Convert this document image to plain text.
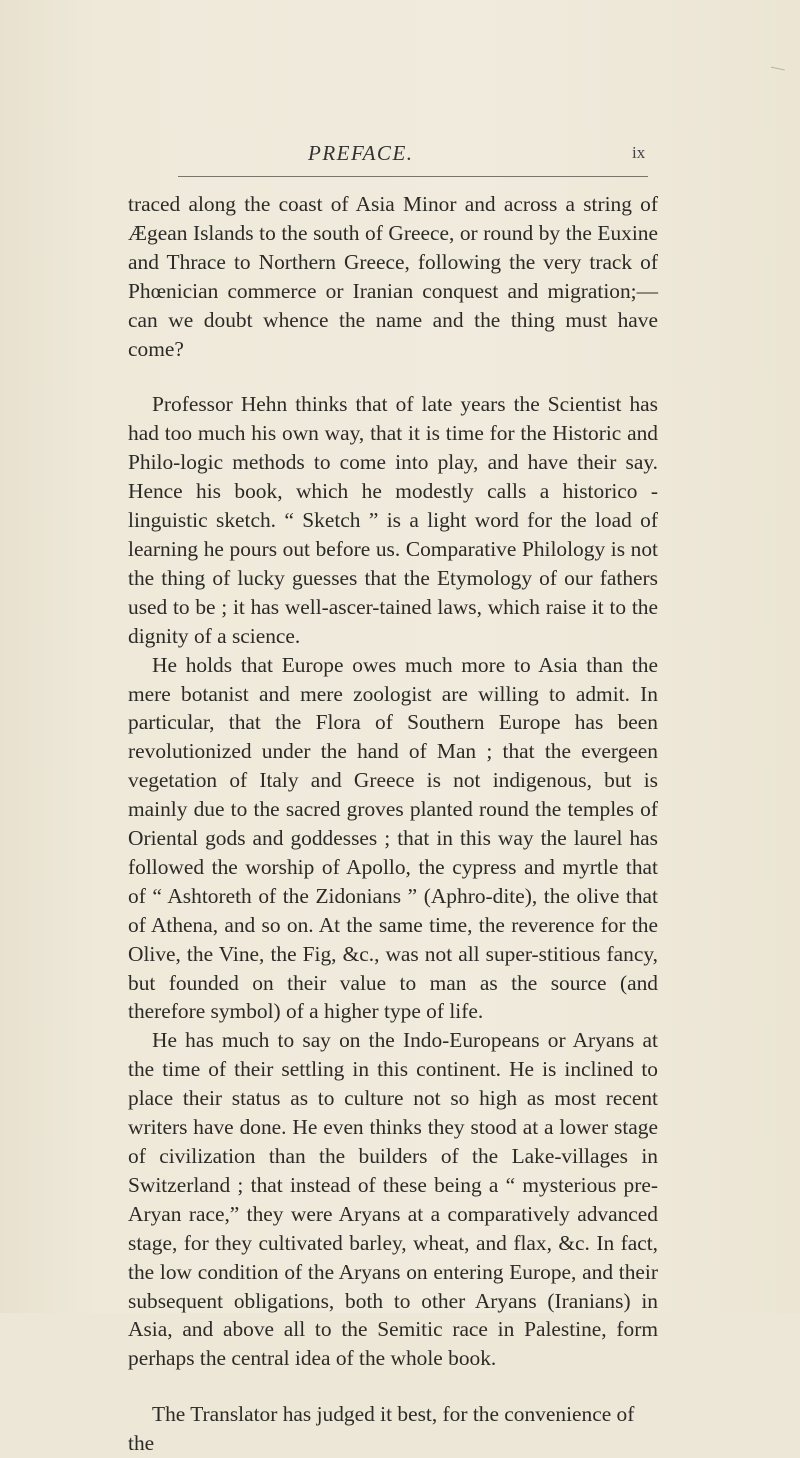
PREFACE.	ix

traced along the coast of Asia Minor and across a string of Ægean Islands to the south of Greece, or round by the Euxine and Thrace to Northern Greece, following the very track of Phœnician commerce or Iranian conquest and migration;—can we doubt whence the name and the thing must have come?

Professor Hehn thinks that of late years the Scientist has had too much his own way, that it is time for the Historic and Philo-logic methods to come into play, and have their say. Hence his book, which he modestly calls a historico - linguistic sketch. “ Sketch ” is a light word for the load of learning he pours out before us. Comparative Philology is not the thing of lucky guesses that the Etymology of our fathers used to be ; it has well-ascer-tained laws, which raise it to the dignity of a science.

He holds that Europe owes much more to Asia than the mere botanist and mere zoologist are willing to admit. In particular, that the Flora of Southern Europe has been revolutionized under the hand of Man ; that the evergeen vegetation of Italy and Greece is not indigenous, but is mainly due to the sacred groves planted round the temples of Oriental gods and goddesses ; that in this way the laurel has followed the worship of Apollo, the cypress and myrtle that of “ Ashtoreth of the Zidonians ” (Aphro-dite), the olive that of Athena, and so on. At the same time, the reverence for the Olive, the Vine, the Fig, &c., was not all super-stitious fancy, but founded on their value to man as the source (and therefore symbol) of a higher type of life.

He has much to say on the Indo-Europeans or Aryans at the time of their settling in this continent. He is inclined to place their status as to culture not so high as most recent writers have done. He even thinks they stood at a lower stage of civilization than the builders of the Lake-villages in Switzerland ; that instead of these being a “ mysterious pre-Aryan race,” they were Aryans at a comparatively advanced stage, for they cultivated barley, wheat, and flax, &c. In fact, the low condition of the Aryans on entering Europe, and their subsequent obligations, both to other Aryans (Iranians) in Asia, and above all to the Semitic race in Palestine, form perhaps the central idea of the whole book.

The Translator has judged it best, for the convenience of the
